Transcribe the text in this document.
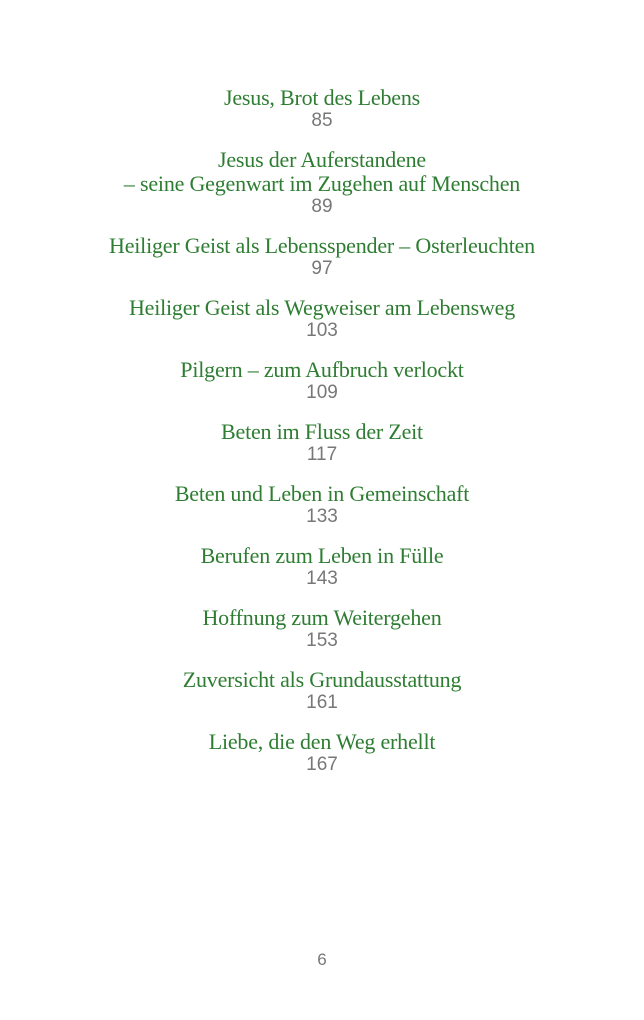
Jesus, Brot des Lebens
85
Jesus der Auferstandene
– seine Gegenwart im Zugehen auf Menschen
89
Heiliger Geist als Lebensspender – Osterleuchten
97
Heiliger Geist als Wegweiser am Lebensweg
103
Pilgern – zum Aufbruch verlockt
109
Beten im Fluss der Zeit
117
Beten und Leben in Gemeinschaft
133
Berufen zum Leben in Fülle
143
Hoffnung zum Weitergehen
153
Zuversicht als Grundausstattung
161
Liebe, die den Weg erhellt
167
6
